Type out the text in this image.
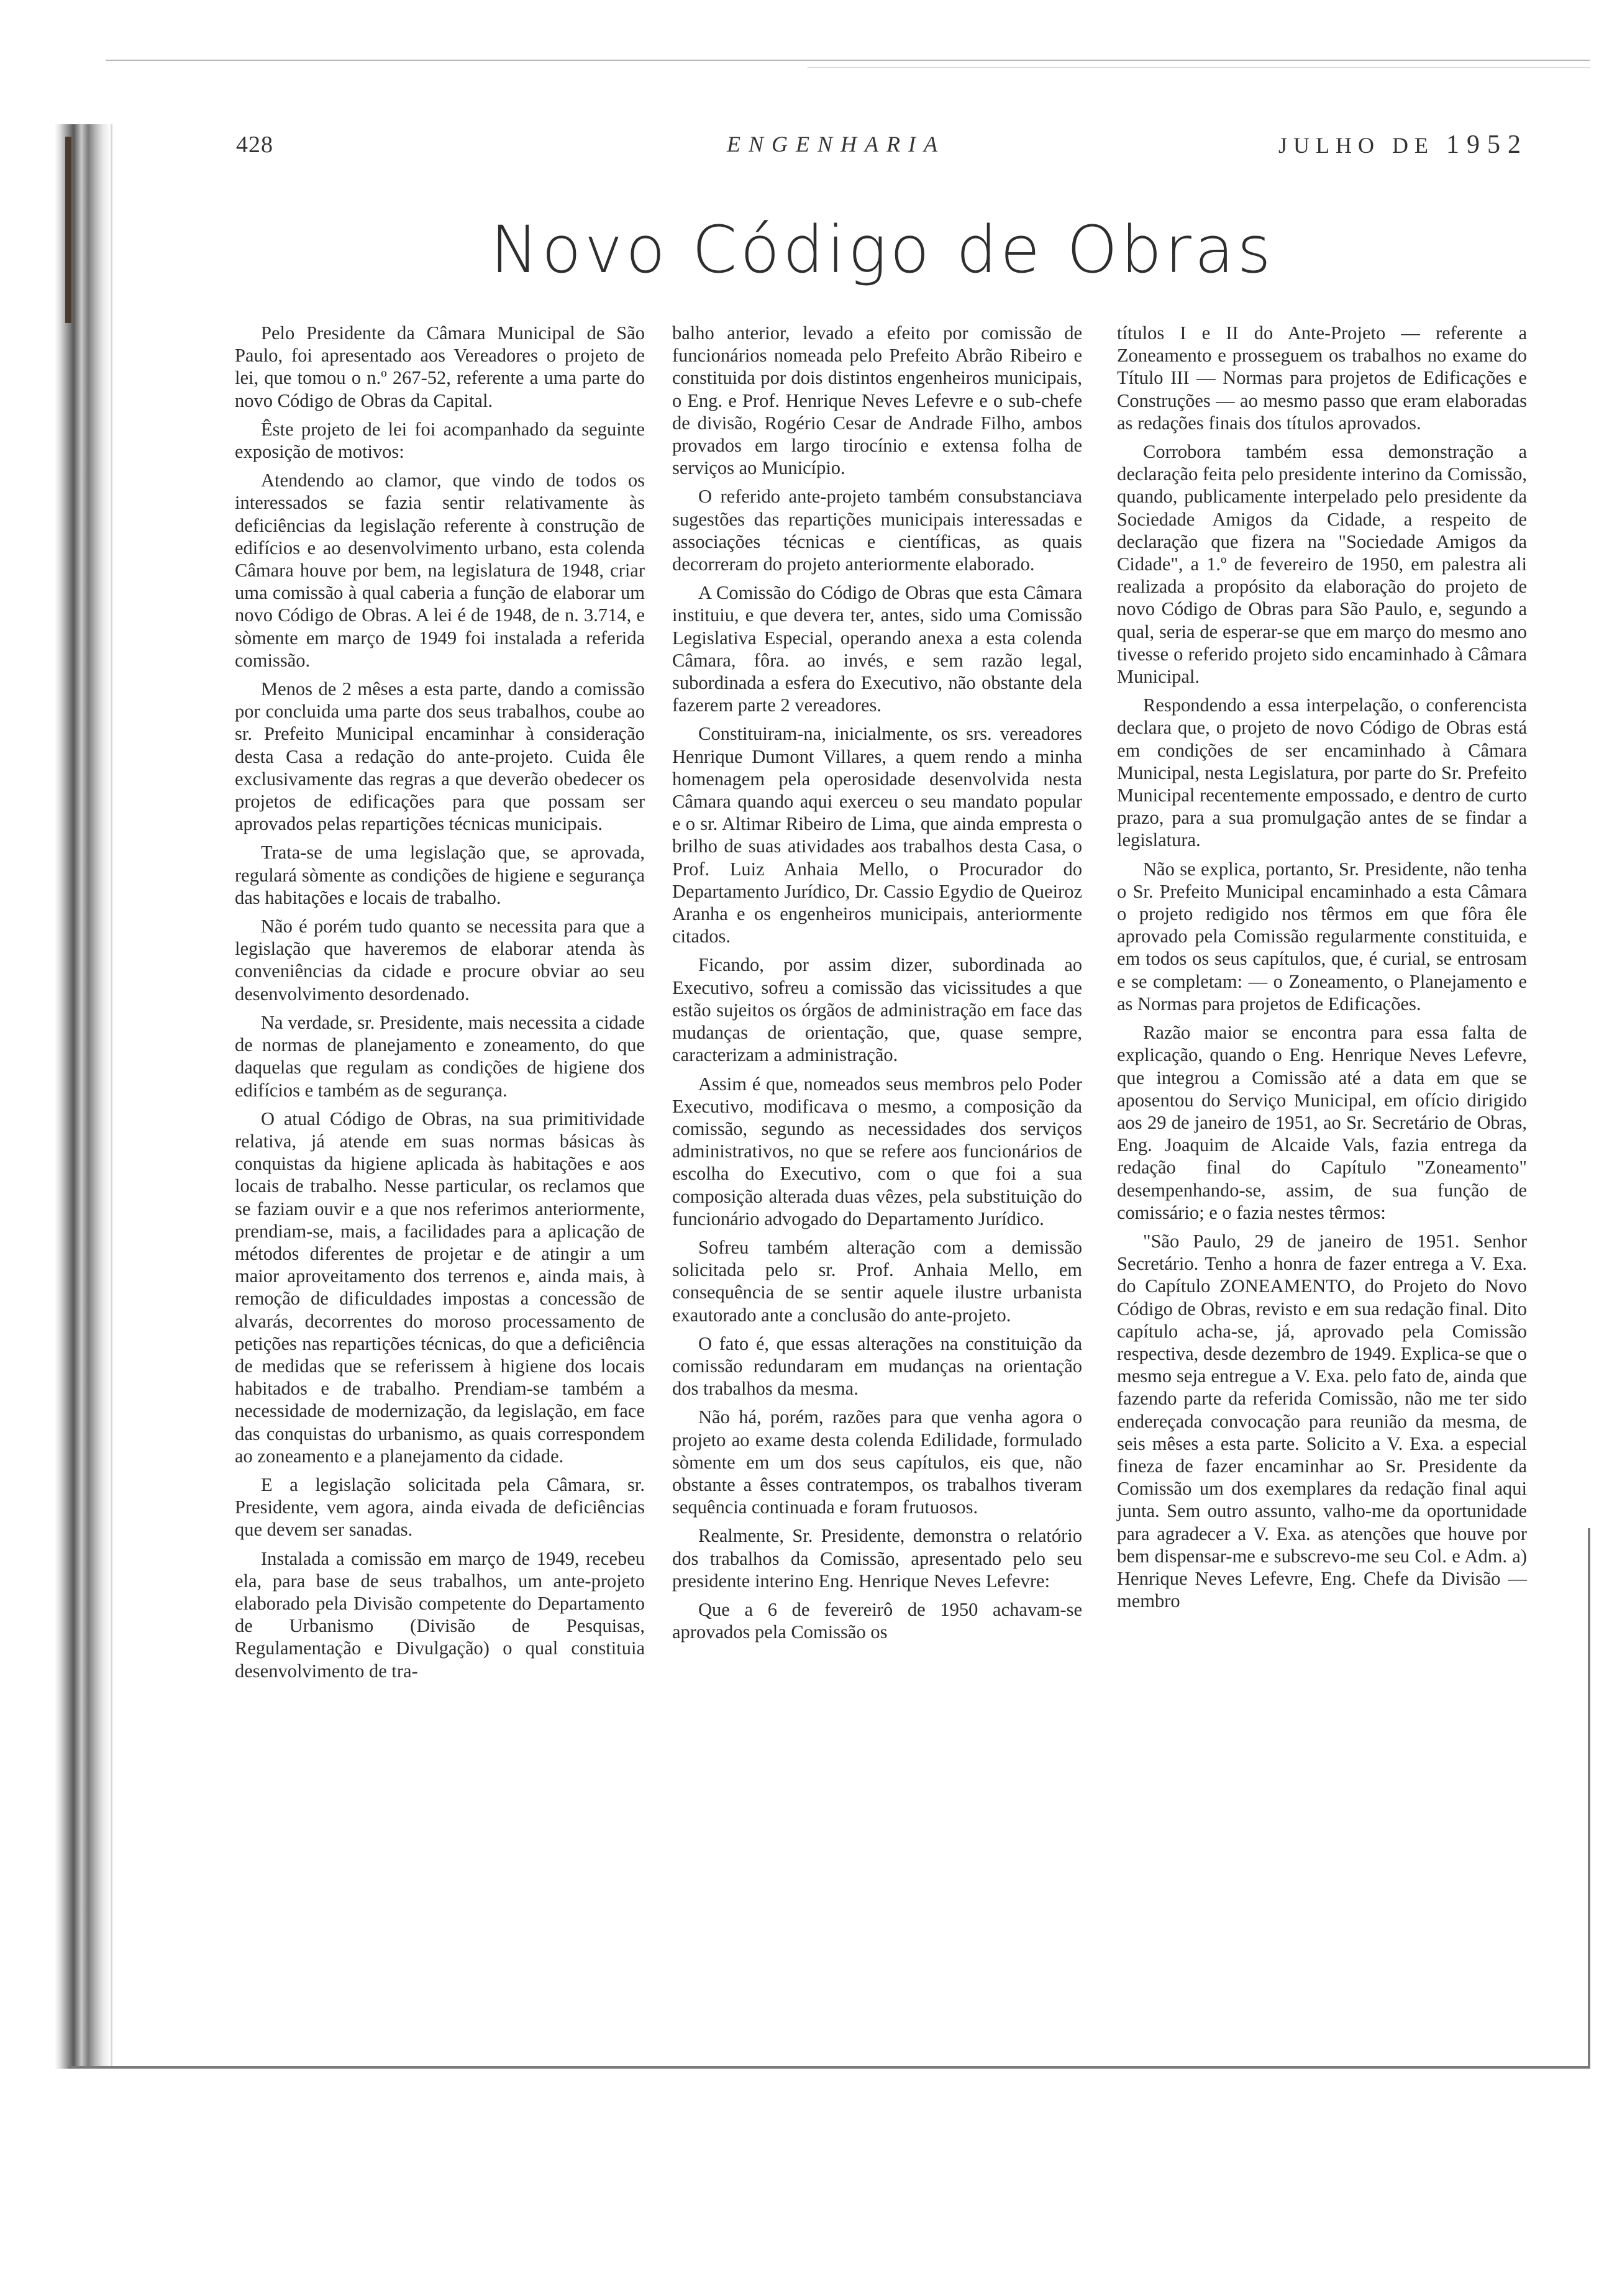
428	ENGENHARIA	JULHO DE 1952
Novo Código de Obras

Pelo Presidente da Câmara Municipal de São Paulo, foi apresentado aos Vereadores o projeto de lei, que tomou o n.º 267-52, referente a uma parte do novo Código de Obras da Capital.

Êste projeto de lei foi acompanhado da seguinte exposição de motivos:

Atendendo ao clamor, que vindo de todos os interessados se fazia sentir relativamente às deficiências da legislação referente à construção de edifícios e ao desenvolvimento urbano, esta colenda Câmara houve por bem, na legislatura de 1948, criar uma comissão à qual caberia a função de elaborar um novo Código de Obras. A lei é de 1948, de n. 3.714, e sòmente em março de 1949 foi instalada a referida comissão.

Menos de 2 mêses a esta parte, dando a comissão por concluida uma parte dos seus trabalhos, coube ao sr. Prefeito Municipal encaminhar à consideração desta Casa a redação do ante-projeto. Cuida êle exclusivamente das regras a que deverão obedecer os projetos de edificações para que possam ser aprovados pelas repartições técnicas municipais.

Trata-se de uma legislação que, se aprovada, regulará sòmente as condições de higiene e segurança das habitações e locais de trabalho.

Não é porém tudo quanto se necessita para que a legislação que haveremos de elaborar atenda às conveniências da cidade e procure obviar ao seu desenvolvimento desordenado.

Na verdade, sr. Presidente, mais necessita a cidade de normas de planejamento e zoneamento, do que daquelas que regulam as condições de higiene dos edifícios e também as de segurança.

O atual Código de Obras, na sua primitividade relativa, já atende em suas normas básicas às conquistas da higiene aplicada às habitações e aos locais de trabalho. Nesse particular, os reclamos que se faziam ouvir e a que nos referimos anteriormente, prendiam-se, mais, a facilidades para a aplicação de métodos diferentes de projetar e de atingir a um maior aproveitamento dos terrenos e, ainda mais, à remoção de dificuldades impostas a concessão de alvarás, decorrentes do moroso processamento de petições nas repartições técnicas, do que a deficiência de medidas que se referissem à higiene dos locais habitados e de trabalho. Prendiam-se também a necessidade de modernização, da legislação, em face das conquistas do urbanismo, as quais correspondem ao zoneamento e a planejamento da cidade.

E a legislação solicitada pela Câmara, sr. Presidente, vem agora, ainda eivada de deficiências que devem ser sanadas.

Instalada a comissão em março de 1949, recebeu ela, para base de seus trabalhos, um ante-projeto elaborado pela Divisão competente do Departamento de Urbanismo (Divisão de Pesquisas, Regulamentação e Divulgação) o qual constituia desenvolvimento de tra-

balho anterior, levado a efeito por comissão de funcionários nomeada pelo Prefeito Abrão Ribeiro e constituida por dois distintos engenheiros municipais, o Eng. e Prof. Henrique Neves Lefevre e o sub-chefe de divisão, Rogério Cesar de Andrade Filho, ambos provados em largo tirocínio e extensa folha de serviços ao Município.

O referido ante-projeto também consubstanciava sugestões das repartições municipais interessadas e associações técnicas e científicas, as quais decorreram do projeto anteriormente elaborado.

A Comissão do Código de Obras que esta Câmara instituiu, e que devera ter, antes, sido uma Comissão Legislativa Especial, operando anexa a esta colenda Câmara, fôra. ao invés, e sem razão legal, subordinada a esfera do Executivo, não obstante dela fazerem parte 2 vereadores.

Constituiram-na, inicialmente, os srs. vereadores Henrique Dumont Villares, a quem rendo a minha homenagem pela operosidade desenvolvida nesta Câmara quando aqui exerceu o seu mandato popular e o sr. Altimar Ribeiro de Lima, que ainda empresta o brilho de suas atividades aos trabalhos desta Casa, o Prof. Luiz Anhaia Mello, o Procurador do Departamento Jurídico, Dr. Cassio Egydio de Queiroz Aranha e os engenheiros municipais, anteriormente citados.

Ficando, por assim dizer, subordinada ao Executivo, sofreu a comissão das vicissitudes a que estão sujeitos os órgãos de administração em face das mudanças de orientação, que, quase sempre, caracterizam a administração.

Assim é que, nomeados seus membros pelo Poder Executivo, modificava o mesmo, a composição da comissão, segundo as necessidades dos serviços administrativos, no que se refere aos funcionários de escolha do Executivo, com o que foi a sua composição alterada duas vêzes, pela substituição do funcionário advogado do Departamento Jurídico.

Sofreu também alteração com a demissão solicitada pelo sr. Prof. Anhaia Mello, em consequência de se sentir aquele ilustre urbanista exautorado ante a conclusão do ante-projeto.

O fato é, que essas alterações na constituição da comissão redundaram em mudanças na orientação dos trabalhos da mesma.

Não há, porém, razões para que venha agora o projeto ao exame desta colenda Edilidade, formulado sòmente em um dos seus capítulos, eis que, não obstante a êsses contratempos, os trabalhos tiveram sequência continuada e foram frutuosos.

Realmente, Sr. Presidente, demonstra o relatório dos trabalhos da Comissão, apresentado pelo seu presidente interino Eng. Henrique Neves Lefevre:

Que a 6 de fevereirô de 1950 achavam-se aprovados pela Comissão os

títulos I e II do Ante-Projeto — referente a Zoneamento e prosseguem os trabalhos no exame do Título III — Normas para projetos de Edificações e Construções — ao mesmo passo que eram elaboradas as redações finais dos títulos aprovados.

Corrobora também essa demonstração a declaração feita pelo presidente interino da Comissão, quando, publicamente interpelado pelo presidente da Sociedade Amigos da Cidade, a respeito de declaração que fizera na "Sociedade Amigos da Cidade", a 1.º de fevereiro de 1950, em palestra ali realizada a propósito da elaboração do projeto de novo Código de Obras para São Paulo, e, segundo a qual, seria de esperar-se que em março do mesmo ano tivesse o referido projeto sido encaminhado à Câmara Municipal.

Respondendo a essa interpelação, o conferencista declara que, o projeto de novo Código de Obras está em condições de ser encaminhado à Câmara Municipal, nesta Legislatura, por parte do Sr. Prefeito Municipal recentemente empossado, e dentro de curto prazo, para a sua promulgação antes de se findar a legislatura.

Não se explica, portanto, Sr. Presidente, não tenha o Sr. Prefeito Municipal encaminhado a esta Câmara o projeto redigido nos têrmos em que fôra êle aprovado pela Comissão regularmente constituida, e em todos os seus capítulos, que, é curial, se entrosam e se completam: — o Zoneamento, o Planejamento e as Normas para projetos de Edificações.

Razão maior se encontra para essa falta de explicação, quando o Eng. Henrique Neves Lefevre, que integrou a Comissão até a data em que se aposentou do Serviço Municipal, em ofício dirigido aos 29 de janeiro de 1951, ao Sr. Secretário de Obras, Eng. Joaquim de Alcaide Vals, fazia entrega da redação final do Capítulo "Zoneamento" desempenhando-se, assim, de sua função de comissário; e o fazia nestes têrmos:

"São Paulo, 29 de janeiro de 1951. Senhor Secretário. Tenho a honra de fazer entrega a V. Exa. do Capítulo ZONEAMENTO, do Projeto do Novo Código de Obras, revisto e em sua redação final. Dito capítulo acha-se, já, aprovado pela Comissão respectiva, desde dezembro de 1949. Explica-se que o mesmo seja entregue a V. Exa. pelo fato de, ainda que fazendo parte da referida Comissão, não me ter sido endereçada convocação para reunião da mesma, de seis mêses a esta parte. Solicito a V. Exa. a especial fineza de fazer encaminhar ao Sr. Presidente da Comissão um dos exemplares da redação final aqui junta. Sem outro assunto, valho-me da oportunidade para agradecer a V. Exa. as atenções que houve por bem dispensar-me e subscrevo-me seu Col. e Adm. a) Henrique Neves Lefevre, Eng. Chefe da Divisão — membro
